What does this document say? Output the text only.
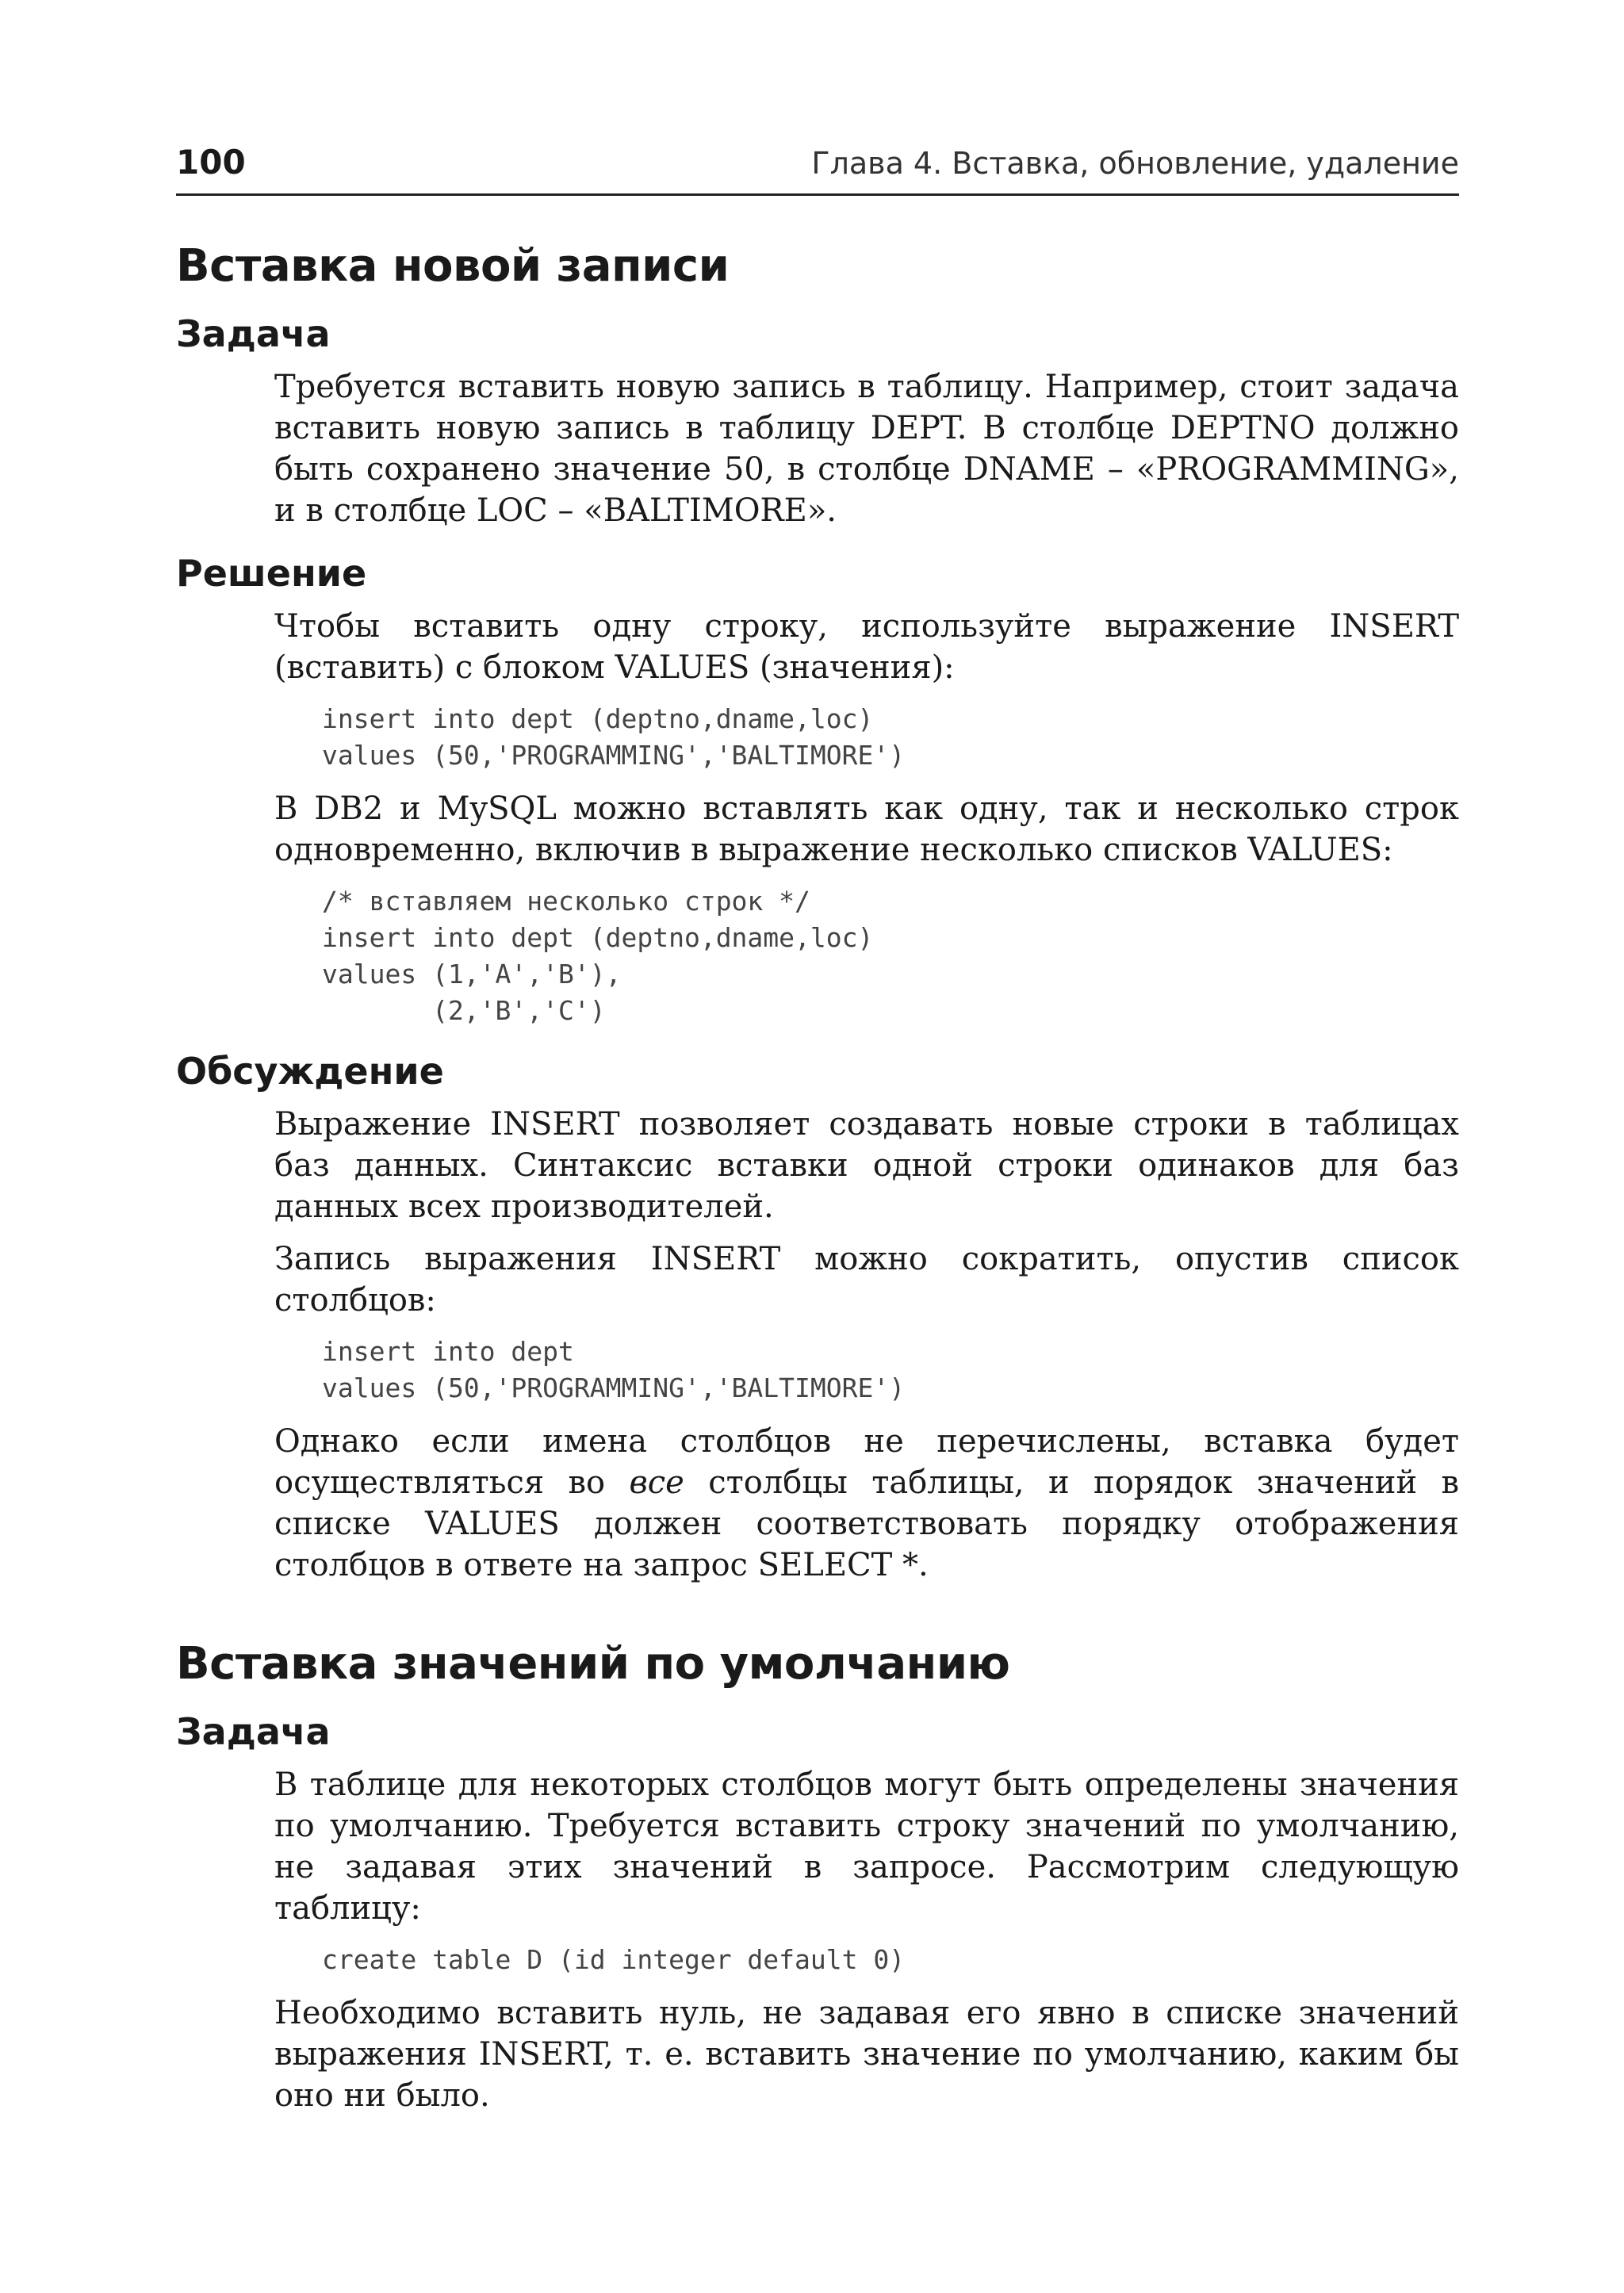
100	Глава 4. Вставка, обновление, удаление
Вставка новой записи
Задача

Требуется вставить новую запись в таблицу. Например, стоит задача вставить новую запись в таблицу DEPT. В столбце DEPTNO должно быть сохранено значение 50, в столбце DNAME – «PROGRAMMING», и в столбце LOC – «BALTIMORE».

Решение

Чтобы вставить одну строку, используйте выражение INSERT (вставить) с блоком VALUES (значения):

insert into dept (deptno,dname,loc)
values (50,'PROGRAMMING','BALTIMORE')

В DB2 и MySQL можно вставлять как одну, так и несколько строк одновременно, включив в выражение несколько списков VALUES:

/* вставляем несколько строк */
insert into dept (deptno,dname,loc)
values (1,'A','B'),
(2,'B','C')
Обсуждение

Выражение INSERT позволяет создавать новые строки в таблицах баз данных. Синтаксис вставки одной строки одинаков для баз данных всех производителей.

Запись выражения INSERT можно сократить, опустив список столбцов:

insert into dept
values (50,'PROGRAMMING','BALTIMORE')

Однако если имена столбцов не перечислены, вставка будет осуществляться во все столбцы таблицы, и порядок значений в списке VALUES должен соответствовать порядку отображения столбцов в ответе на запрос SELECT *.

Вставка значений по умолчанию
Задача

В таблице для некоторых столбцов могут быть определены значения по умолчанию. Требуется вставить строку значений по умолчанию, не задавая этих значений в запросе. Рассмотрим следующую таблицу:

create table D (id integer default 0)

Необходимо вставить нуль, не задавая его явно в списке значений выражения INSERT, т. е. вставить значение по умолчанию, каким бы оно ни было.
